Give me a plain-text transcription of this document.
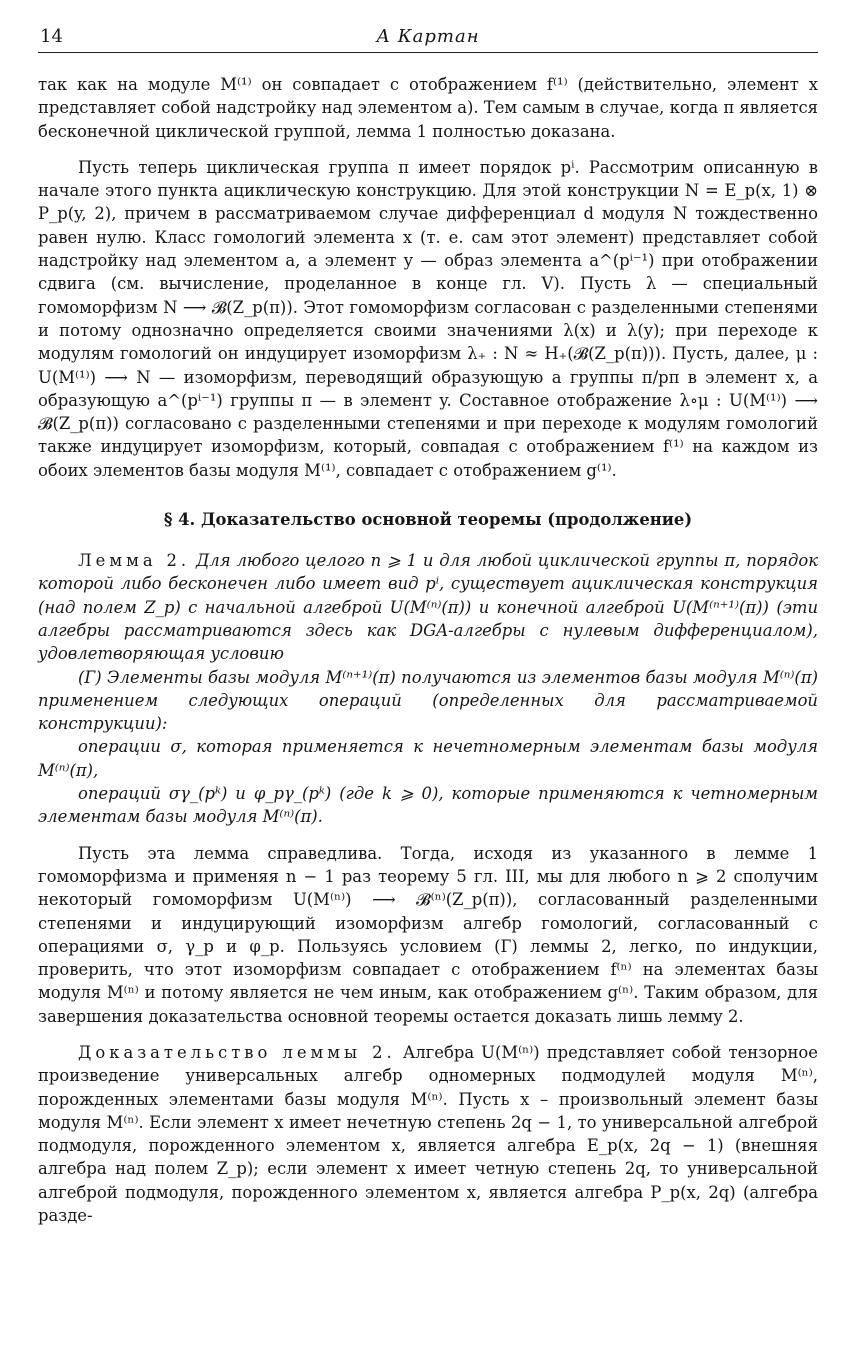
14	А Картан

так как на модуле M⁽¹⁾ он совпадает с отображением f⁽¹⁾ (действительно, элемент x представляет собой надстройку над элементом a). Тем самым в случае, когда π является бесконечной циклической группой, лемма 1 полностью доказана.

Пусть теперь циклическая группа π имеет порядок pⁱ. Рассмотрим описанную в начале этого пункта ациклическую конструкцию. Для этой конструкции N = E_p(x, 1) ⊗ P_p(y, 2), причем в рассматриваемом случае дифференциал d модуля N тождественно равен нулю. Класс гомологий элемента x (т. е. сам этот элемент) представляет собой надстройку над элементом a, а элемент y — образ элемента a^(pⁱ⁻¹) при отображении сдвига (см. вычисление, проделанное в конце гл. V). Пусть λ — специальный гомоморфизм N ⟶ 𝓑(Z_p(π)). Этот гомоморфизм согласован с разделенными степенями и потому однозначно определяется своими значениями λ(x) и λ(y); при переходе к модулям гомологий он индуцирует изоморфизм λ₊ : N ≈ H₊(𝓑(Z_p(π))). Пусть, далее, μ : U(M⁽¹⁾) ⟶ N — изоморфизм, переводящий образующую a группы π/pπ в элемент x, а образующую a^(pⁱ⁻¹) группы π — в элемент y. Составное отображение λ∘μ : U(M⁽¹⁾) ⟶ 𝓑(Z_p(π)) согласовано с разделенными степенями и при переходе к модулям гомологий также индуцирует изоморфизм, который, совпадая с отображением f⁽¹⁾ на каждом из обоих элементов базы модуля M⁽¹⁾, совпадает с отображением g⁽¹⁾.

§ 4. Доказательство основной теоремы (продолжение)

Лемма 2. Для любого целого n ⩾ 1 и для любой циклической группы π, порядок которой либо бесконечен либо имеет вид pⁱ, существует ациклическая конструкция (над полем Z_p) с начальной алгеброй U(M⁽ⁿ⁾(π)) и конечной алгеброй U(M⁽ⁿ⁺¹⁾(π)) (эти алгебры рассматриваются здесь как DGA-алгебры с нулевым дифференциалом), удовлетворяющая условию

(Г) Элементы базы модуля M⁽ⁿ⁺¹⁾(π) получаются из элементов базы модуля M⁽ⁿ⁾(π) применением следующих операций (определенных для рассматриваемой конструкции):

операции σ, которая применяется к нечетномерным элементам базы модуля M⁽ⁿ⁾(π),

операций σγ_(pᵏ) и φ_pγ_(pᵏ) (где k ⩾ 0), которые применяются к четномерным элементам базы модуля M⁽ⁿ⁾(π).

Пусть эта лемма справедлива. Тогда, исходя из указанного в лемме 1 гомоморфизма и применяя n − 1 раз теорему 5 гл. III, мы для любого n ⩾ 2 сполучим некоторый гомоморфизм U(M⁽ⁿ⁾) ⟶ 𝓑⁽ⁿ⁾(Z_p(π)), согласованный разделенными степенями и индуцирующий изоморфизм алгебр гомологий, согласованный с операциями σ, γ_p и φ_p. Пользуясь условием (Г) леммы 2, легко, по индукции, проверить, что этот изоморфизм совпадает с отображением f⁽ⁿ⁾ на элементах базы модуля M⁽ⁿ⁾ и потому является не чем иным, как отображением g⁽ⁿ⁾. Таким образом, для завершения доказательства основной теоремы остается доказать лишь лемму 2.

Доказательство леммы 2. Алгебра U(M⁽ⁿ⁾) представляет собой тензорное произведение универсальных алгебр одномерных подмодулей модуля M⁽ⁿ⁾, порожденных элементами базы модуля M⁽ⁿ⁾. Пусть x – произвольный элемент базы модуля M⁽ⁿ⁾. Если элемент x имеет нечетную степень 2q − 1, то универсальной алгеброй подмодуля, порожденного элементом x, является алгебра E_p(x, 2q − 1) (внешняя алгебра над полем Z_p); если элемент x имеет четную степень 2q, то универсальной алгеброй подмодуля, порожденного элементом x, является алгебра P_p(x, 2q) (алгебра разде-
